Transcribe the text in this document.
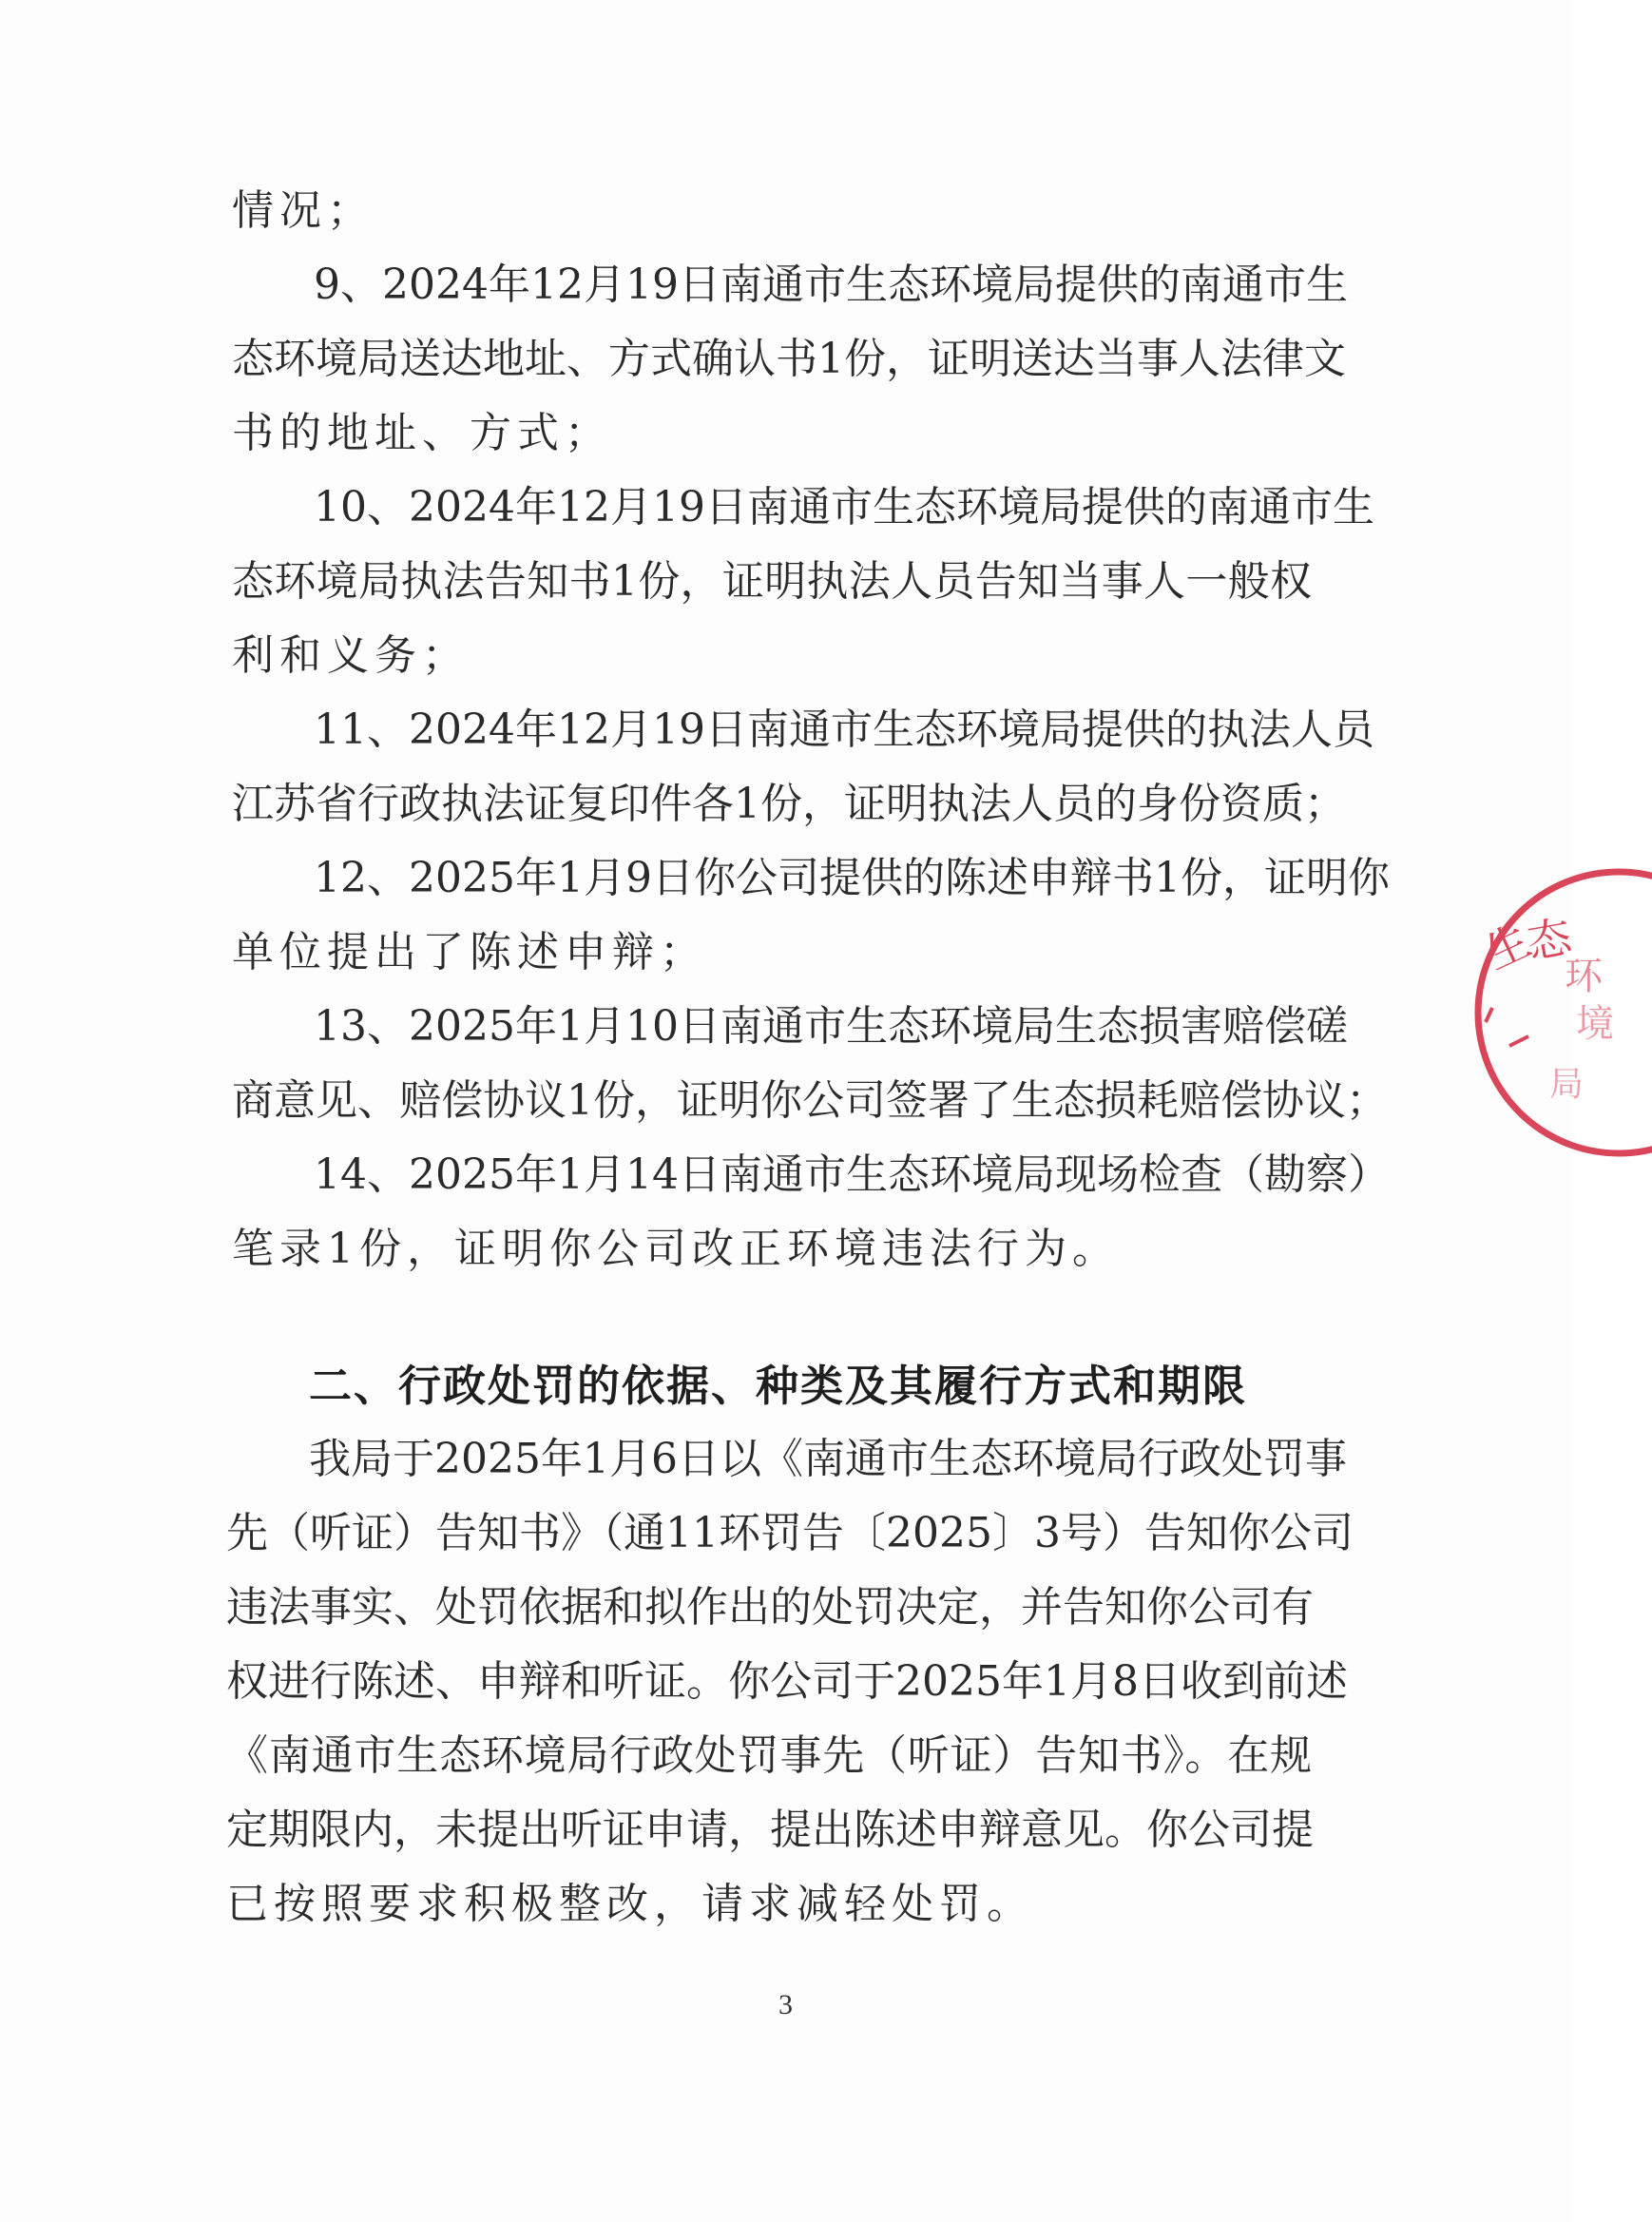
情况；

9、2024年12月19日南通市生态环境局提供的南通市生

态环境局送达地址、方式确认书1份，证明送达当事人法律文

书的地址、方式；

10、2024年12月19日南通市生态环境局提供的南通市生

态环境局执法告知书1份，证明执法人员告知当事人一般权

利和义务；

11、2024年12月19日南通市生态环境局提供的执法人员

江苏省行政执法证复印件各1份，证明执法人员的身份资质；

12、2025年1月9日你公司提供的陈述申辩书1份，证明你

单位提出了陈述申辩；

13、2025年1月10日南通市生态环境局生态损害赔偿磋

商意见、赔偿协议1份，证明你公司签署了生态损耗赔偿协议；

14、2025年1月14日南通市生态环境局现场检查（勘察）

笔录1份，证明你公司改正环境违法行为。

二、行政处罚的依据、种类及其履行方式和期限

我局于2025年1月6日以《南通市生态环境局行政处罚事

先（听证）告知书》（通11环罚告〔2025〕3号）告知你公司

违法事实、处罚依据和拟作出的处罚决定，并告知你公司有

权进行陈述、申辩和听证。你公司于2025年1月8日收到前述

《南通市生态环境局行政处罚事先（听证）告知书》。在规

定期限内，未提出听证申请，提出陈述申辩意见。你公司提

已按照要求积极整改，请求减轻处罚。

3
生
态
环
境
局
